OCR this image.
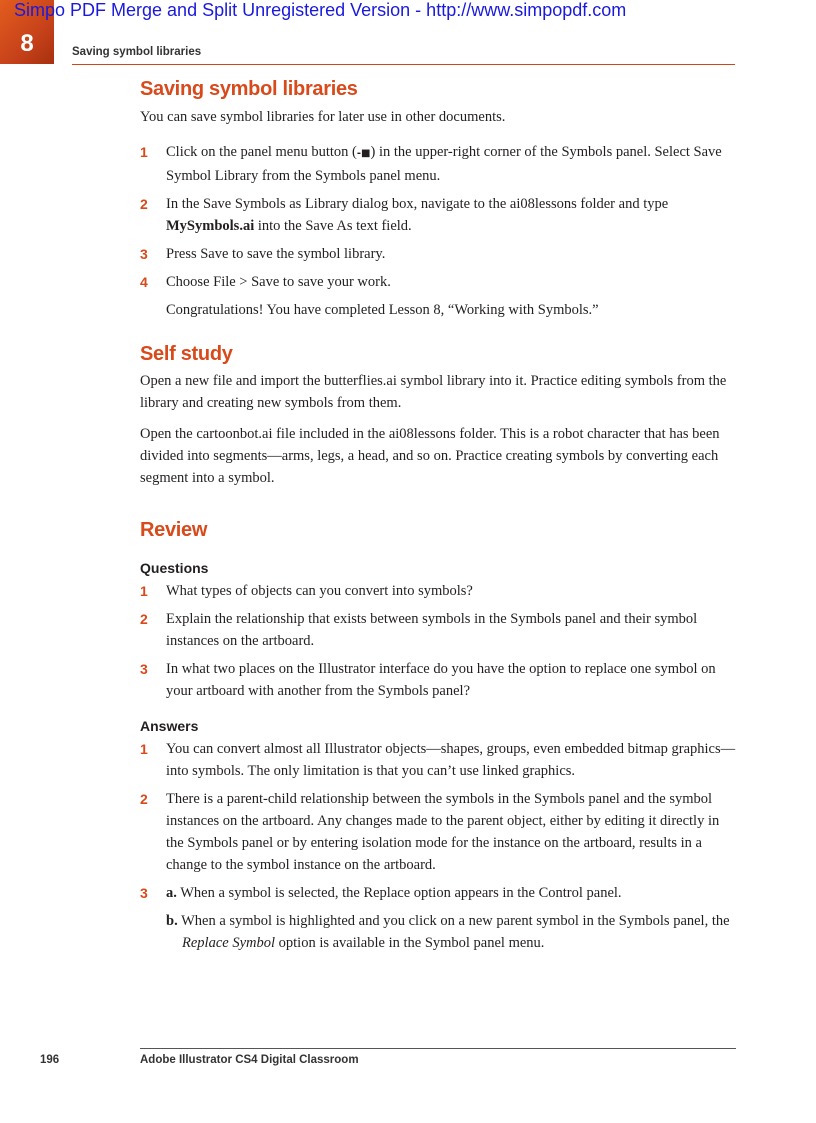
8
Simpo PDF Merge and Split Unregistered Version - http://www.simpopdf.com
Saving symbol libraries
Saving symbol libraries

You can save symbol libraries for later use in other documents.

1 Click on the panel menu button (-■) in the upper-right corner of the Symbols panel. Select Save Symbol Library from the Symbols panel menu.
2 In the Save Symbols as Library dialog box, navigate to the ai08lessons folder and type MySymbols.ai into the Save As text field.
3 Press Save to save the symbol library.
4 Choose File > Save to save your work.
Congratulations! You have completed Lesson 8, “Working with Symbols.”
Self study

Open a new file and import the butterflies.ai symbol library into it. Practice editing symbols from the library and creating new symbols from them.

Open the cartoonbot.ai file included in the ai08lessons folder. This is a robot character that has been divided into segments—arms, legs, a head, and so on. Practice creating symbols by converting each segment into a symbol.

Review
Questions
1 What types of objects can you convert into symbols?
2 Explain the relationship that exists between symbols in the Symbols panel and their symbol instances on the artboard.
3 In what two places on the Illustrator interface do you have the option to replace one symbol on your artboard with another from the Symbols panel?
Answers
1 You can convert almost all Illustrator objects—shapes, groups, even embedded bitmap graphics—into symbols. The only limitation is that you can’t use linked graphics.
2 There is a parent-child relationship between the symbols in the Symbols panel and the symbol instances on the artboard. Any changes made to the parent object, either by editing it directly in the Symbols panel or by entering isolation mode for the instance on the artboard, results in a change to the symbol instance on the artboard.
3 a. When a symbol is selected, the Replace option appears in the Control panel.
b. When a symbol is highlighted and you click on a new parent symbol in the Symbols panel, the Replace Symbol option is available in the Symbol panel menu.
196	Adobe Illustrator CS4 Digital Classroom
